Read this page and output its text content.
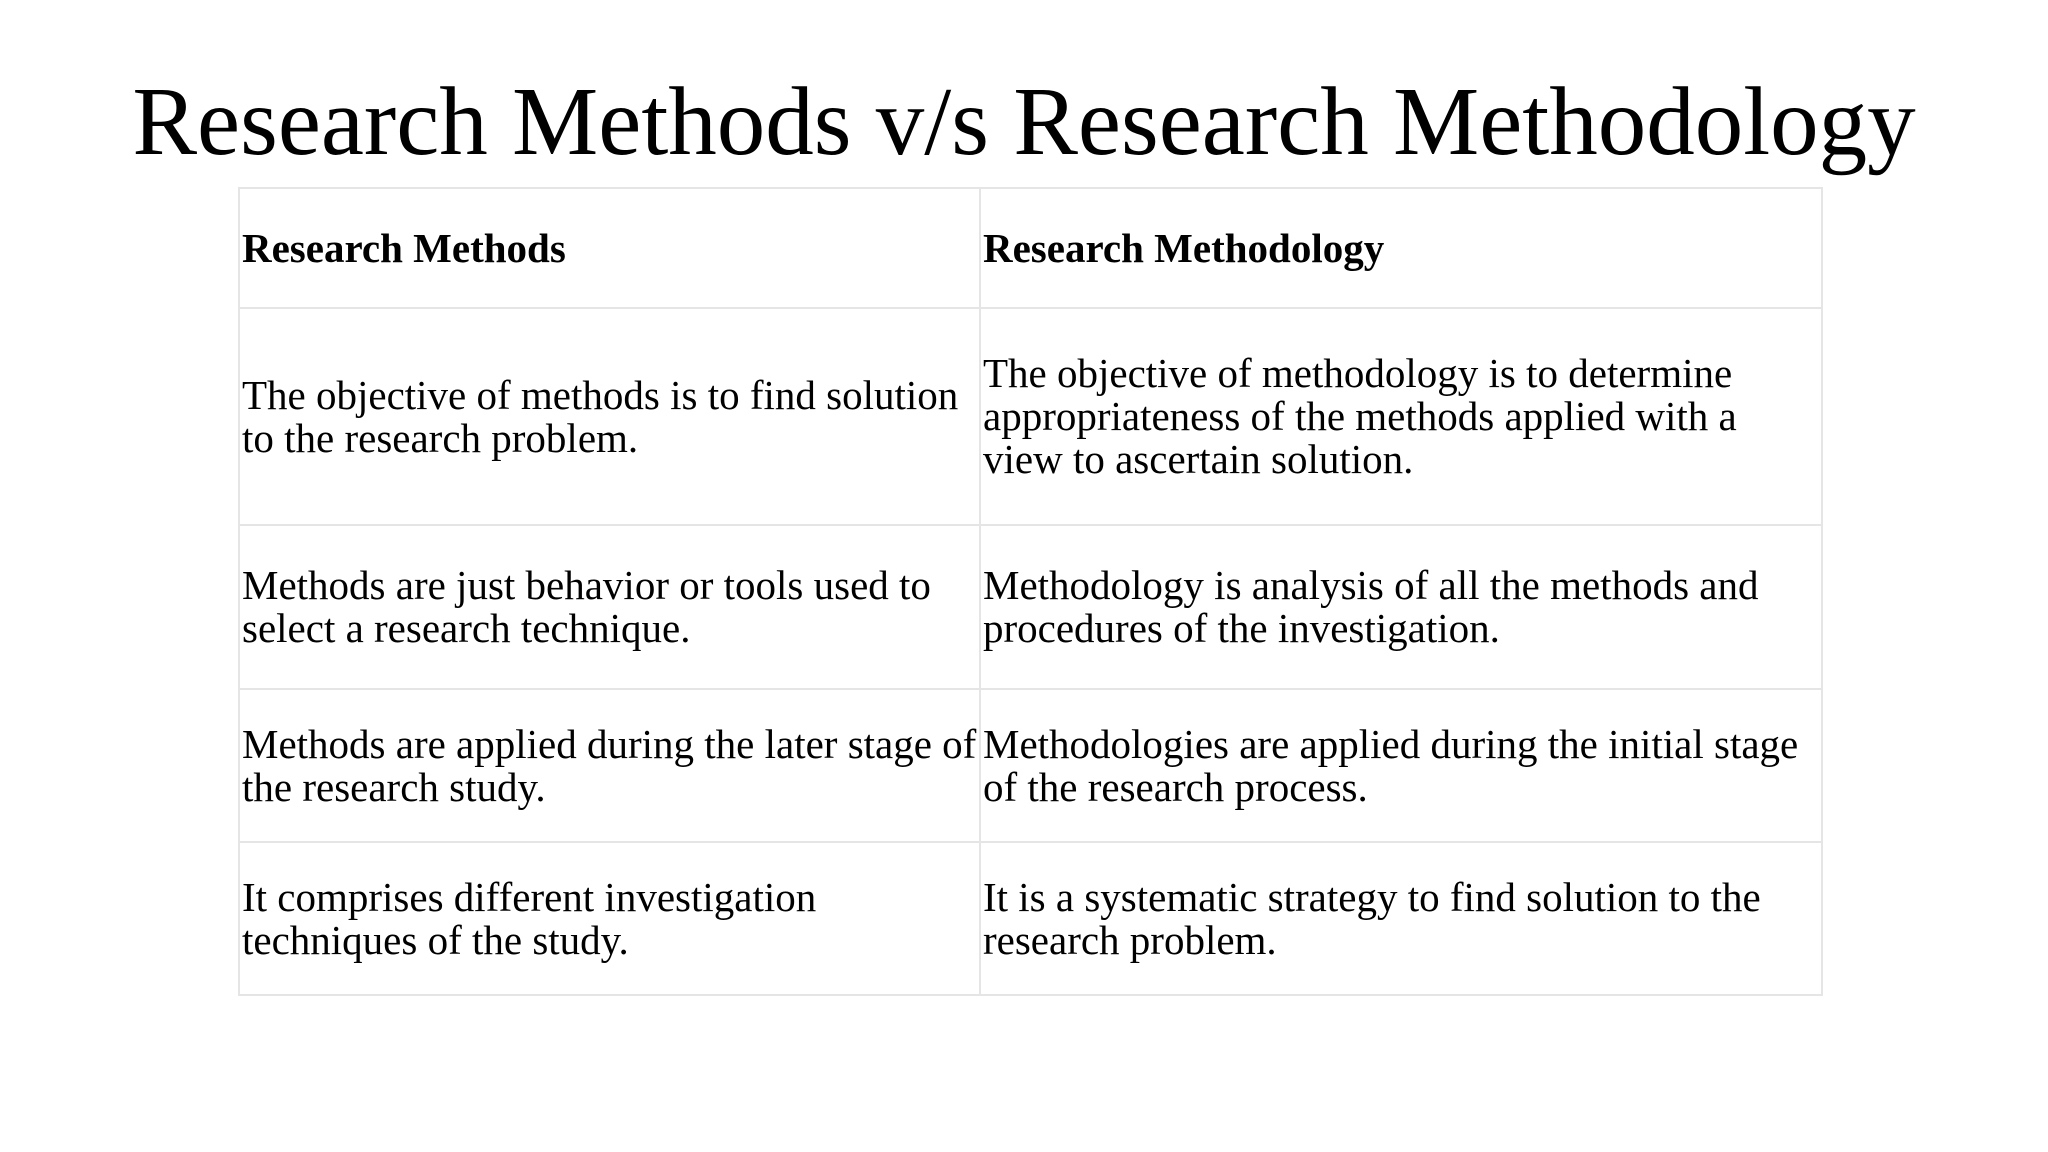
Research Methods v/s Research Methodology
Research Methods	Research Methodology
The objective of methods is to find solution to the research problem.	The objective of methodology is to determine appropriateness of the methods applied with a view to ascertain solution.
Methods are just behavior or tools used to select a research technique.	Methodology is analysis of all the methods and procedures of the investigation.
Methods are applied during the later stage of the research study.	Methodologies are applied during the initial stage of the research process.
It comprises different investigation techniques of the study.	It is a systematic strategy to find solution to the research problem.
